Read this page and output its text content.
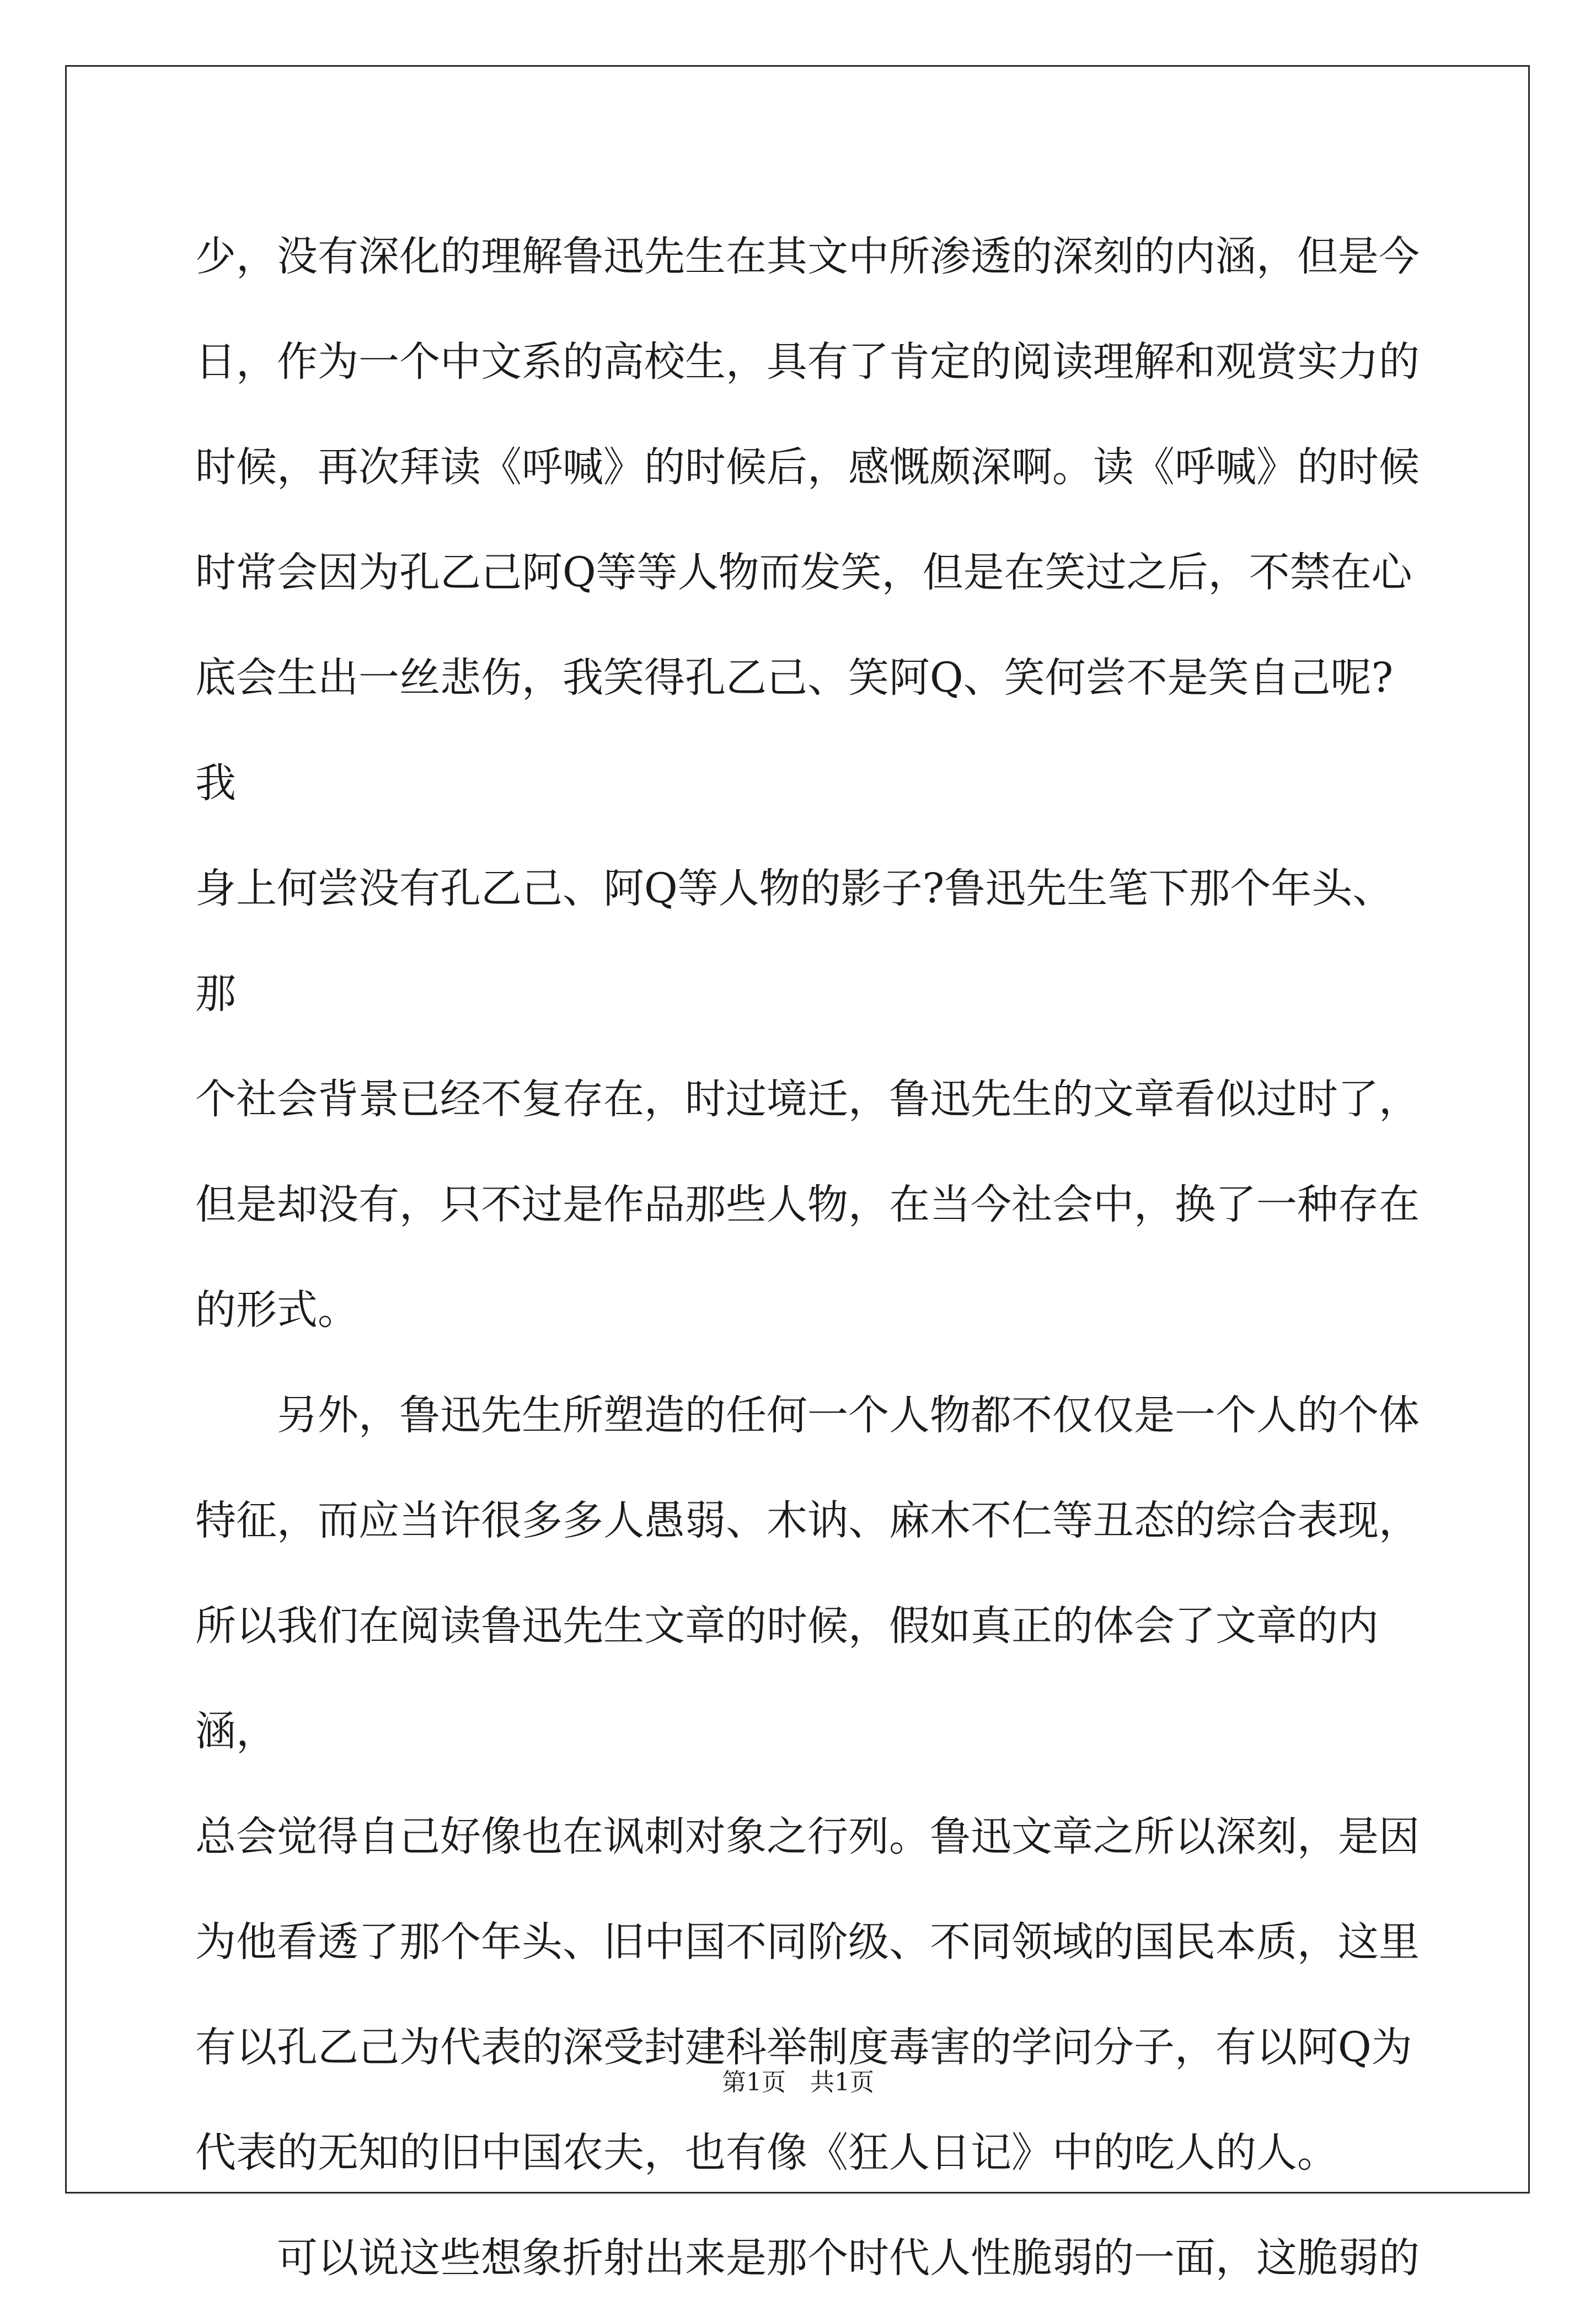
少，没有深化的理解鲁迅先生在其文中所渗透的深刻的内涵，但是今
日，作为一个中文系的高校生，具有了肯定的阅读理解和观赏实力的
时候，再次拜读《呼喊》的时候后，感慨颇深啊。读《呼喊》的时候
时常会因为孔乙己阿Q等等人物而发笑，但是在笑过之后，不禁在心
底会生出一丝悲伤，我笑得孔乙己、笑阿Q、笑何尝不是笑自己呢?我
身上何尝没有孔乙己、阿Q等人物的影子?鲁迅先生笔下那个年头、那
个社会背景已经不复存在，时过境迁，鲁迅先生的文章看似过时了，
但是却没有，只不过是作品那些人物，在当今社会中，换了一种存在
的形式。

另外，鲁迅先生所塑造的任何一个人物都不仅仅是一个人的个体
特征，而应当许很多多人愚弱、木讷、麻木不仁等丑态的综合表现，
所以我们在阅读鲁迅先生文章的时候，假如真正的体会了文章的内涵，
总会觉得自己好像也在讽刺对象之行列。鲁迅文章之所以深刻，是因
为他看透了那个年头、旧中国不同阶级、不同领域的国民本质，这里
有以孔乙己为代表的深受封建科举制度毒害的学问分子，有以阿Q为
代表的无知的旧中国农夫，也有像《狂人日记》中的吃人的人。

可以说这些想象折射出来是那个时代人性脆弱的一面，这脆弱的

第1页　共1页
